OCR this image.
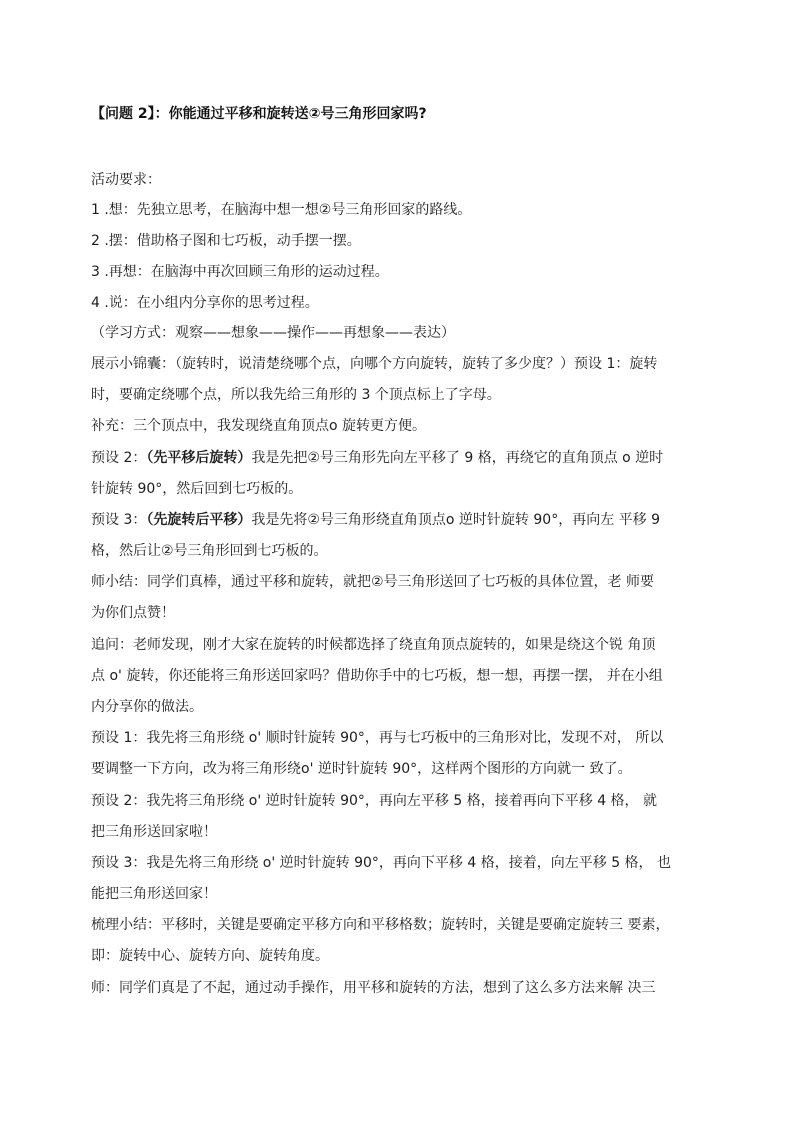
【问题 2】：你能通过平移和旋转送②号三角形回家吗?
活动要求：
1 .想：先独立思考，在脑海中想一想②号三角形回家的路线。
2 .摆：借助格子图和七巧板，动手摆一摆。
3 .再想：在脑海中再次回顾三角形的运动过程。
4 .说：在小组内分享你的思考过程。
（学习方式：观察——想象——操作——再想象——表达）
展示小锦囊：（旋转时，说清楚绕哪个点，向哪个方向旋转，旋转了多少度？）预设 1：旋转
时，要确定绕哪个点，所以我先给三角形的 3 个顶点标上了字母。
补充：三个顶点中，我发现绕直角顶点o 旋转更方便。
预设 2：（先平移后旋转）我是先把②号三角形先向左平移了 9 格，再绕它的直角顶点 o 逆时
针旋转 90°，然后回到七巧板的。
预设 3：（先旋转后平移）我是先将②号三角形绕直角顶点o 逆时针旋转 90°，再向左 平移 9
格，然后让②号三角形回到七巧板的。
师小结：同学们真棒，通过平移和旋转，就把②号三角形送回了七巧板的具体位置，老 师要
为你们点赞！
追问：老师发现，刚才大家在旋转的时候都选择了绕直角顶点旋转的，如果是绕这个锐 角顶
点 o' 旋转，你还能将三角形送回家吗？借助你手中的七巧板，想一想，再摆一摆， 并在小组
内分享你的做法。
预设 1：我先将三角形绕 o' 顺时针旋转 90°，再与七巧板中的三角形对比，发现不对， 所以
要调整一下方向，改为将三角形绕o' 逆时针旋转 90°，这样两个图形的方向就一 致了。
预设 2：我先将三角形绕 o' 逆时针旋转 90°，再向左平移 5 格，接着再向下平移 4 格， 就
把三角形送回家啦！
预设 3：我是先将三角形绕 o' 逆时针旋转 90°，再向下平移 4 格，接着，向左平移 5 格， 也
能把三角形送回家！
梳理小结：平移时，关键是要确定平移方向和平移格数；旋转时，关键是要确定旋转三 要素，
即：旋转中心、旋转方向、旋转角度。
师：同学们真是了不起，通过动手操作，用平移和旋转的方法，想到了这么多方法来解 决三
